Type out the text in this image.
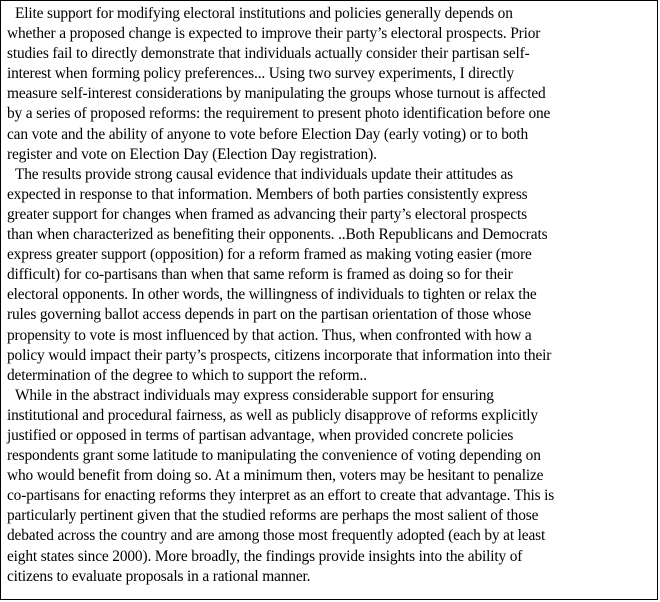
Elite support for modifying electoral institutions and policies generally depends on
whether a proposed change is expected to improve their party’s electoral prospects. Prior
studies fail to directly demonstrate that individuals actually consider their partisan self-
interest when forming policy preferences... Using two survey experiments, I directly
measure self-interest considerations by manipulating the groups whose turnout is affected
by a series of proposed reforms: the requirement to present photo identification before one
can vote and the ability of anyone to vote before Election Day (early voting) or to both
register and vote on Election Day (Election Day registration).
The results provide strong causal evidence that individuals update their attitudes as
expected in response to that information. Members of both parties consistently express
greater support for changes when framed as advancing their party’s electoral prospects
than when characterized as benefiting their opponents. ..Both Republicans and Democrats
express greater support (opposition) for a reform framed as making voting easier (more
difficult) for co-partisans than when that same reform is framed as doing so for their
electoral opponents. In other words, the willingness of individuals to tighten or relax the
rules governing ballot access depends in part on the partisan orientation of those whose
propensity to vote is most influenced by that action. Thus, when confronted with how a
policy would impact their party’s prospects, citizens incorporate that information into their
determination of the degree to which to support the reform..
While in the abstract individuals may express considerable support for ensuring
institutional and procedural fairness, as well as publicly disapprove of reforms explicitly
justified or opposed in terms of partisan advantage, when provided concrete policies
respondents grant some latitude to manipulating the convenience of voting depending on
who would benefit from doing so. At a minimum then, voters may be hesitant to penalize
co-partisans for enacting reforms they interpret as an effort to create that advantage. This is
particularly pertinent given that the studied reforms are perhaps the most salient of those
debated across the country and are among those most frequently adopted (each by at least
eight states since 2000). More broadly, the findings provide insights into the ability of
citizens to evaluate proposals in a rational manner.
